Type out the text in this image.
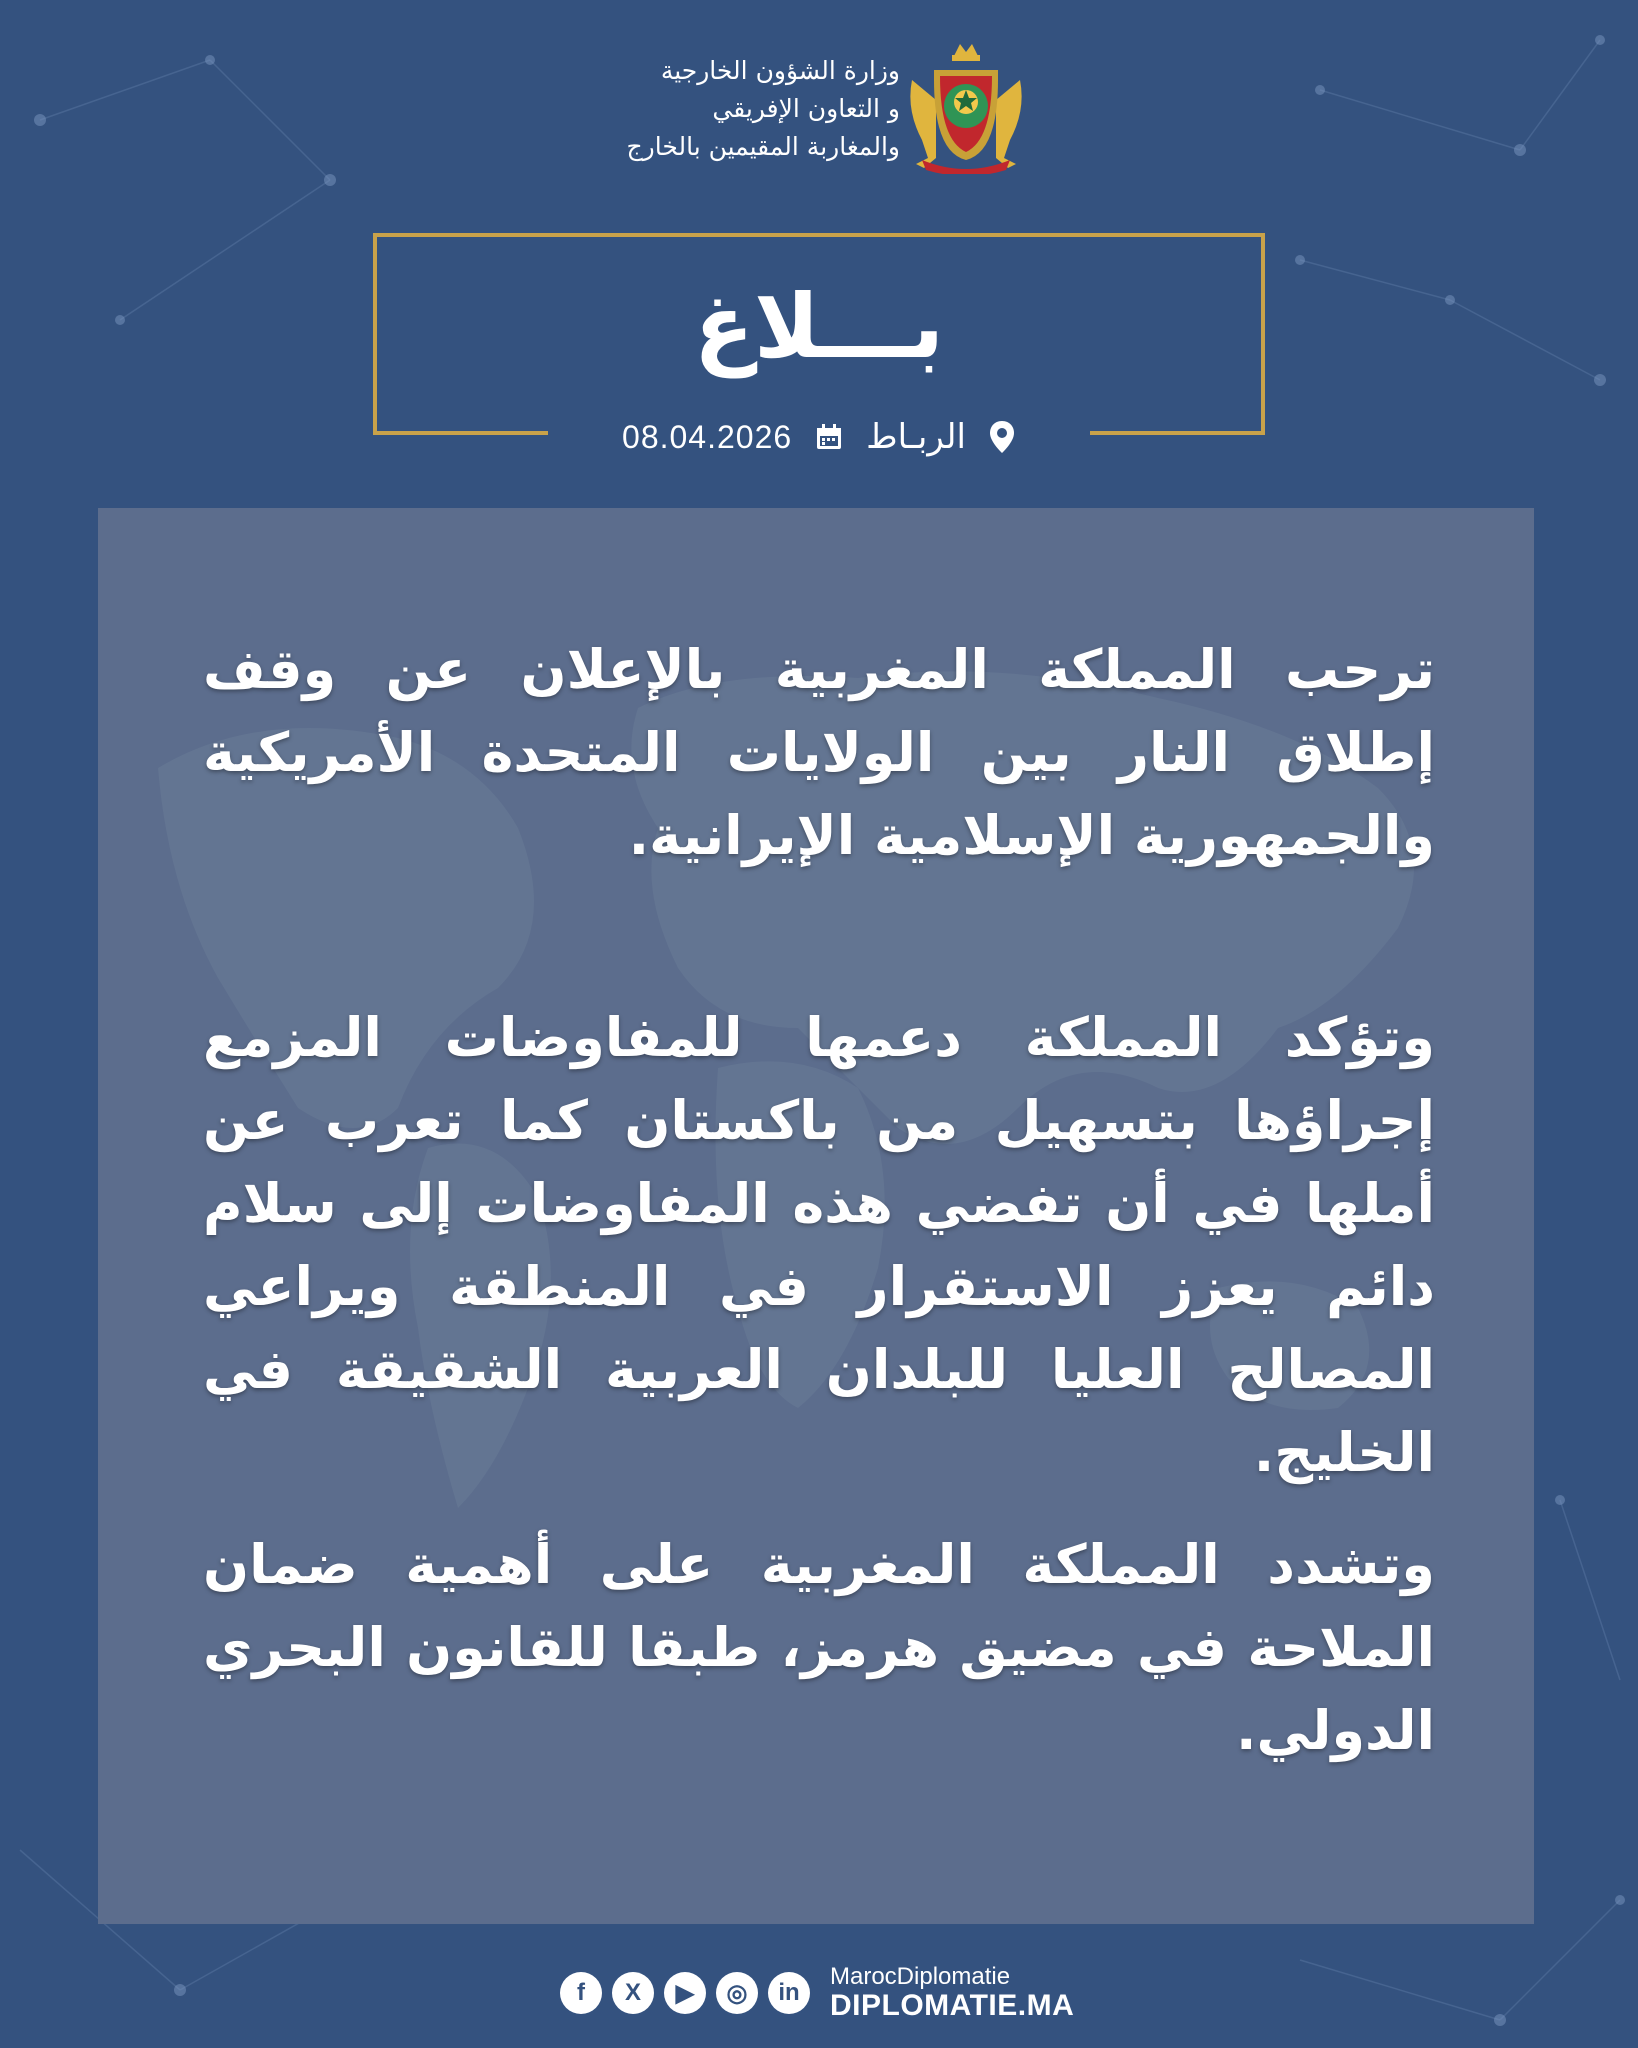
وزارة الشؤون الخارجية
و التعاون الإفريقي
والمغاربة المقيمين بالخارج
بـــلاغ
08.04.2026 الربـاط
ترحب المملكة المغربية بالإعلان عن وقف إطلاق النار بين الولايات المتحدة الأمريكية والجمهورية الإسلامية الإيرانية.
وتؤكد المملكة دعمها للمفاوضات المزمع إجراؤها بتسهيل من باكستان كما تعرب عن أملها في أن تفضي هذه المفاوضات إلى سلام دائم يعزز الاستقرار في المنطقة ويراعي المصالح العليا للبلدان العربية الشقيقة في الخليج.
وتشدد المملكة المغربية على أهمية ضمان الملاحة في مضيق هرمز، طبقا للقانون البحري الدولي.
f	X	▶	◎	in
MarocDiplomatie
DIPLOMATIE.MA
